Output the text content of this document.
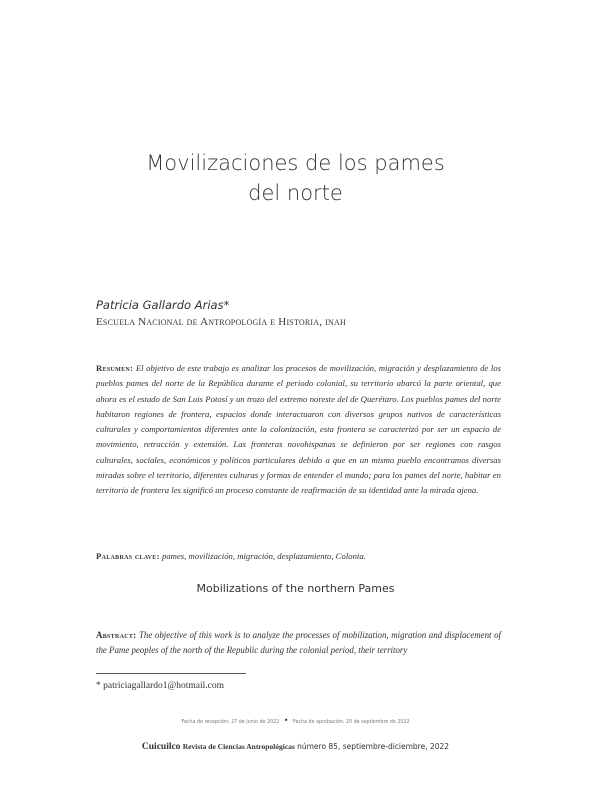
Movilizaciones de los pames
del norte
Patricia Gallardo Arias*
Escuela Nacional de Antropología e Historia, inah
Resumen: El objetivo de este trabajo es analizar los procesos de movilización, migración y desplazamiento de los pueblos pames del norte de la República durante el periodo colonial, su territorio abarcó la parte oriental, que ahora es el estado de San Luis Potosí y un trozo del extremo noreste del de Querétaro. Los pueblos pames del norte habitaron regiones de frontera, espacios donde interactuaron con diversos grupos nativos de características culturales y comportamientos diferentes ante la colonización, esta frontera se caracterizó por ser un espacio de movimiento, retracción y extensión. Las fronteras novohispanas se definieron por ser regiones con rasgos culturales, sociales, económicos y políticos particulares debido a que en un mismo pueblo encontramos diversas miradas sobre el territorio, diferentes culturas y formas de entender el mundo; para los pames del norte, habitar en territorio de frontera les significó un proceso constante de reafirmación de su identidad ante la mirada ajena.
Palabras clave: pames, movilización, migración, desplazamiento, Colonia.
Mobilizations of the northern Pames
Abstract: The objective of this work is to analyze the processes of mobilization, migration and displacement of the Pame peoples of the north of the Republic during the colonial period, their territory
* patriciagallardo1@hotmail.com
Fecha de recepción: 27 de junio de 2022 • Fecha de aprobación: 20 de septiembre de 2022
Cuicuilco Revista de Ciencias Antropológicas número 85, septiembre-diciembre, 2022
